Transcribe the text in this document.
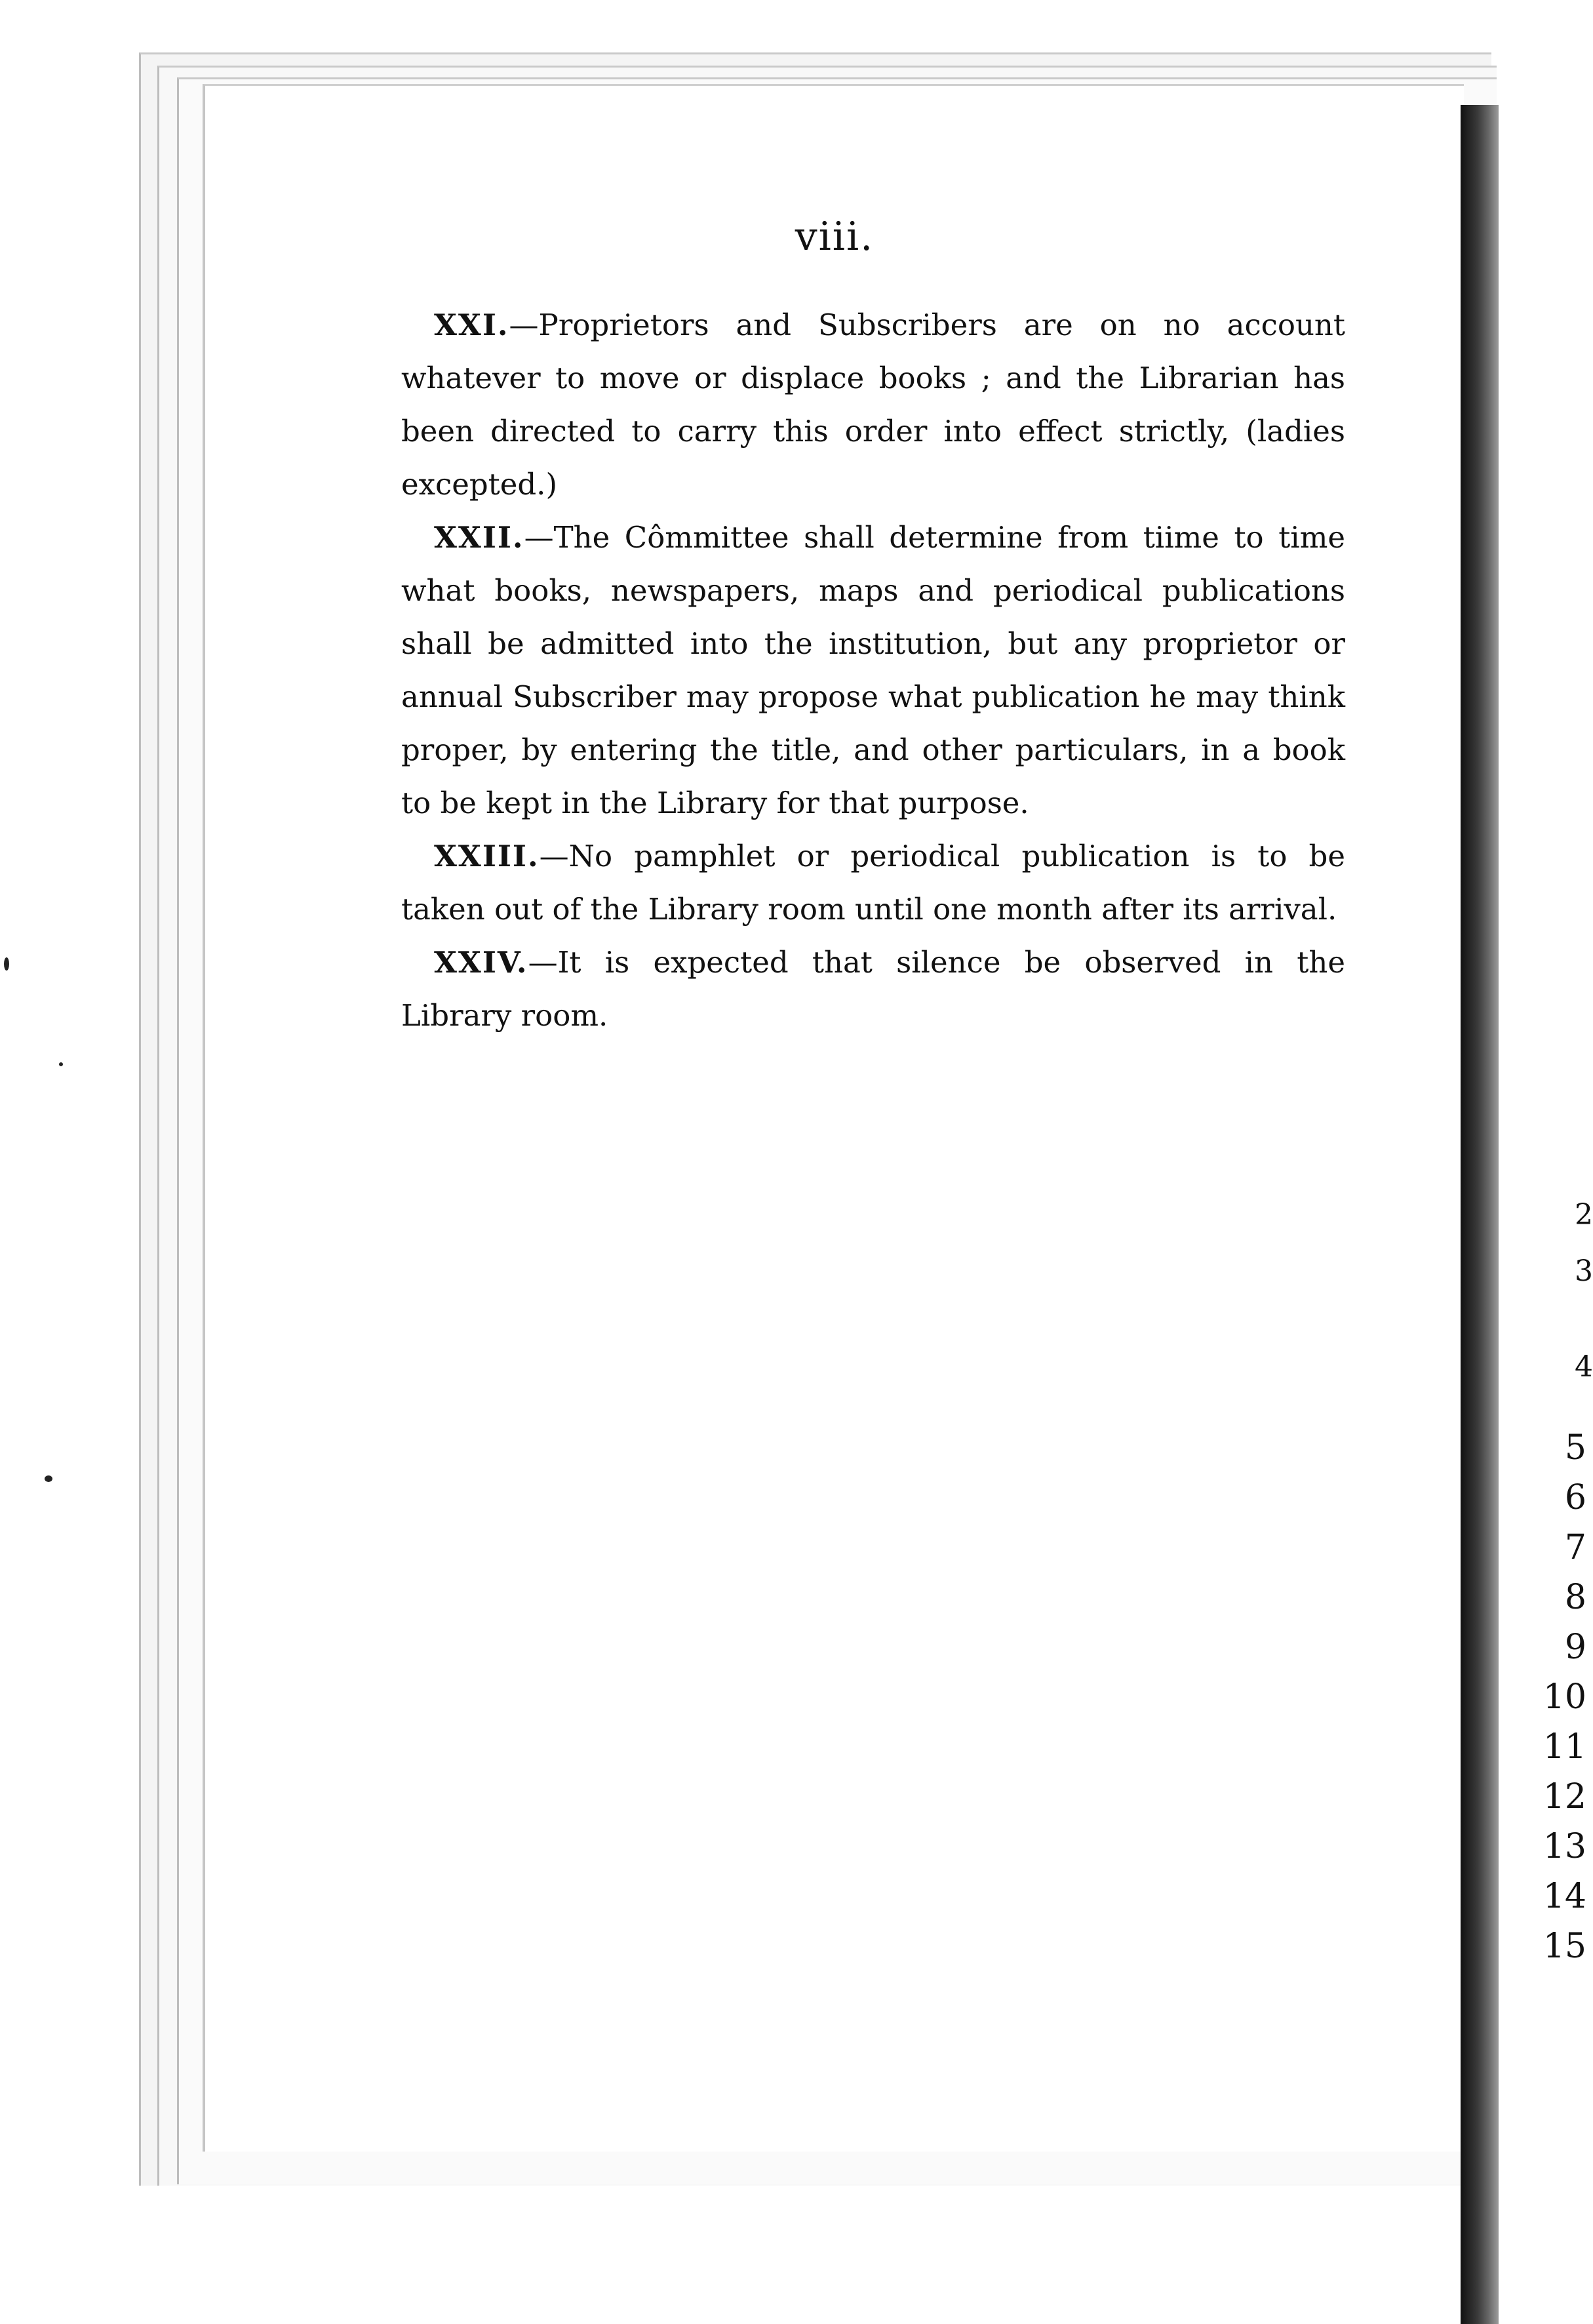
viii.

XXI.—Proprietors and Subscribers are on no account whatever to move or displace books ; and the Librarian has been directed to carry this order into effect strictly, (ladies excepted.)

XXII.—The Cômmittee shall determine from tiime to time what books, newspapers, maps and periodical publications shall be admitted into the institution, but any proprietor or annual Subscriber may propose what publication he may think proper, by entering the title, and other particulars, in a book to be kept in the Library for that purpose.

XXIII.—No pamphlet or periodical publication is to be taken out of the Library room until one month after its arrival.

XXIV.—It is expected that silence be observed in the Library room.

2
3
4
5
6
7
8
9
10
11
12
13
14
15
